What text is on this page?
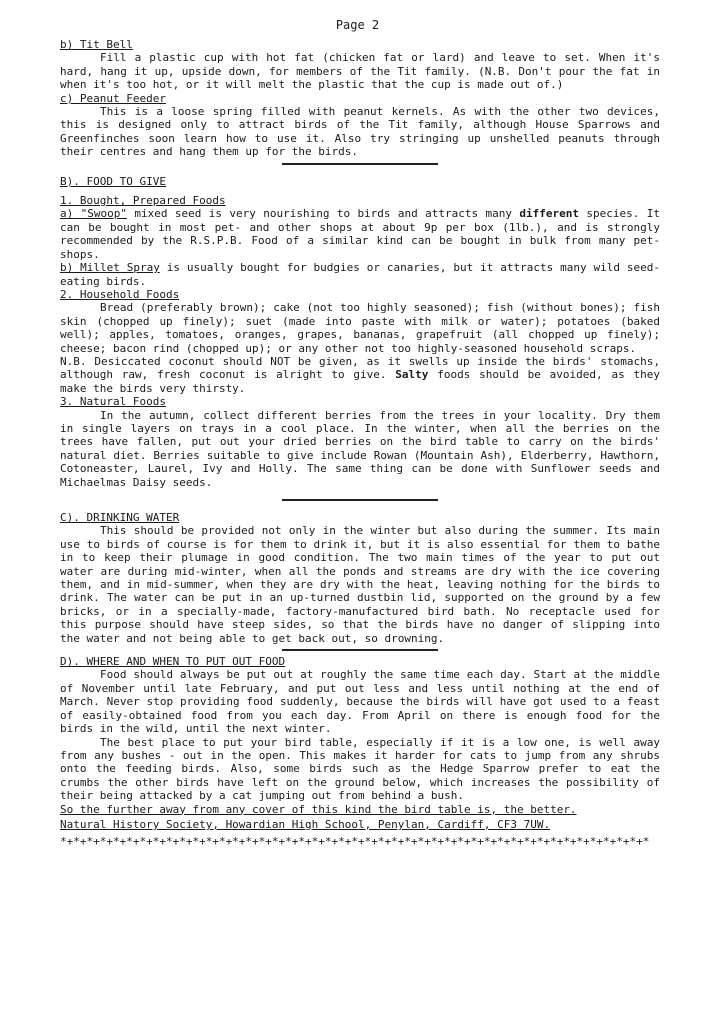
Page 2

b) Tit Bell

Fill a plastic cup with hot fat (chicken fat or lard) and leave to set. When it's hard, hang it up, upside down, for members of the Tit family. (N.B. Don't pour the fat in when it's too hot, or it will melt the plastic that the cup is made out of.)

c) Peanut Feeder

This is a loose spring filled with peanut kernels. As with the other two devices, this is designed only to attract birds of the Tit family, although House Sparrows and Greenfinches soon learn how to use it. Also try stringing up unshelled peanuts through their centres and hang them up for the birds.

B). FOOD TO GIVE

1. Bought, Prepared Foods

a) "Swoop" mixed seed is very nourishing to birds and attracts many different species. It can be bought in most pet- and other shops at about 9p per box (1lb.), and is strongly recommended by the R.S.P.B. Food of a similar kind can be bought in bulk from many pet-shops.

b) Millet Spray is usually bought for budgies or canaries, but it attracts many wild seed-eating birds.

2. Household Foods

Bread (preferably brown); cake (not too highly seasoned); fish (without bones); fish skin (chopped up finely); suet (made into paste with milk or water); potatoes (baked well); apples, tomatoes, oranges, grapes, bananas, grapefruit (all chopped up finely); cheese; bacon rind (chopped up); or any other not too highly-seasoned household scraps.

N.B. Desiccated coconut should NOT be given, as it swells up inside the birds' stomachs, although raw, fresh coconut is alright to give. Salty foods should be avoided, as they make the birds very thirsty.

3. Natural Foods

In the autumn, collect different berries from the trees in your locality. Dry them in single layers on trays in a cool place. In the winter, when all the berries on the trees have fallen, put out your dried berries on the bird table to carry on the birds' natural diet. Berries suitable to give include Rowan (Mountain Ash), Elderberry, Hawthorn, Cotoneaster, Laurel, Ivy and Holly. The same thing can be done with Sunflower seeds and Michaelmas Daisy seeds.

C). DRINKING WATER

This should be provided not only in the winter but also during the summer. Its main use to birds of course is for them to drink it, but it is also essential for them to bathe in to keep their plumage in good condition. The two main times of the year to put out water are during mid-winter, when all the ponds and streams are dry with the ice covering them, and in mid-summer, when they are dry with the heat, leaving nothing for the birds to drink. The water can be put in an up-turned dustbin lid, supported on the ground by a few bricks, or in a specially-made, factory-manufactured bird bath. No receptacle used for this purpose should have steep sides, so that the birds have no danger of slipping into the water and not being able to get back out, so drowning.

D). WHERE AND WHEN TO PUT OUT FOOD

Food should always be put out at roughly the same time each day. Start at the middle of November until late February, and put out less and less until nothing at the end of March. Never stop providing food suddenly, because the birds will have got used to a feast of easily-obtained food from you each day. From April on there is enough food for the birds in the wild, until the next winter.

The best place to put your bird table, especially if it is a low one, is well away from any bushes - out in the open. This makes it harder for cats to jump from any shrubs onto the feeding birds. Also, some birds such as the Hedge Sparrow prefer to eat the crumbs the other birds have left on the ground below, which increases the possibility of their being attacked by a cat jumping out from behind a bush.

So the further away from any cover of this kind the bird table is, the better.

Natural History Society, Howardian High School, Penylan, Cardiff, CF3 7UW.

*+*+*+*+*+*+*+*+*+*+*+*+*+*+*+*+*+*+*+*+*+*+*+*+*+*+*+*+*+*+*+*+*+*+*+*+*+*+*+*+*+*+*+*+*
